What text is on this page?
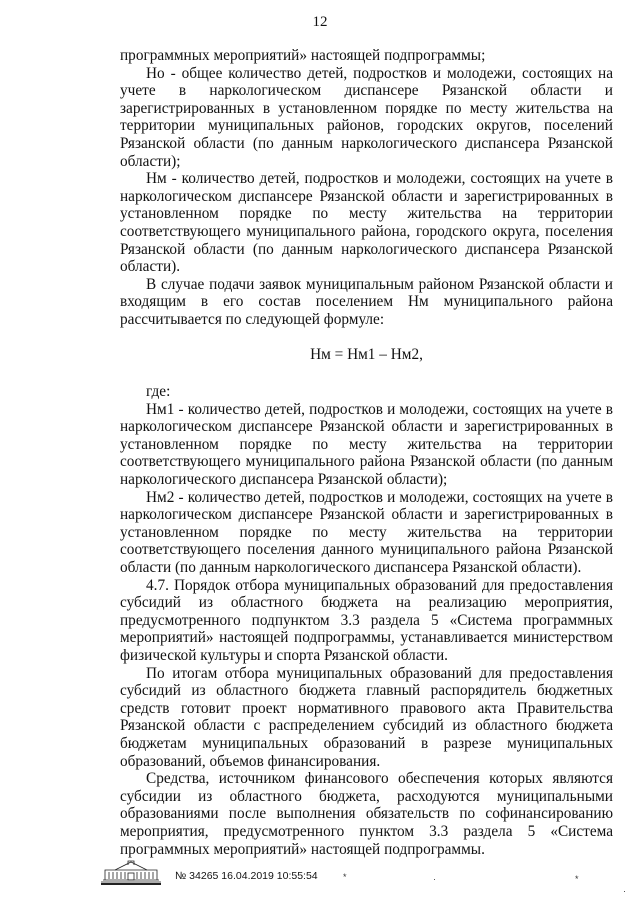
12

программных мероприятий» настоящей подпрограммы;

Но - общее количество детей, подростков и молодежи, состоящих на учете в наркологическом диспансере Рязанской области и зарегистрированных в установленном порядке по месту жительства на территории муниципальных районов, городских округов, поселений Рязанской области (по данным наркологического диспансера Рязанской области);

Нм - количество детей, подростков и молодежи, состоящих на учете в наркологическом диспансере Рязанской области и зарегистрированных в установленном порядке по месту жительства на территории соответствующего муниципального района, городского округа, поселения Рязанской области (по данным наркологического диспансера Рязанской области).

В случае подачи заявок муниципальным районом Рязанской области и входящим в его состав поселением Нм муниципального района рассчитывается по следующей формуле:

Нм = Нм1 – Нм2,

где:

Нм1 - количество детей, подростков и молодежи, состоящих на учете в наркологическом диспансере Рязанской области и зарегистрированных в установленном порядке по месту жительства на территории соответствующего муниципального района Рязанской области (по данным наркологического диспансера Рязанской области);

Нм2 - количество детей, подростков и молодежи, состоящих на учете в наркологическом диспансере Рязанской области и зарегистрированных в установленном порядке по месту жительства на территории соответствующего поселения данного муниципального района Рязанской области (по данным наркологического диспансера Рязанской области).

4.7. Порядок отбора муниципальных образований для предоставления субсидий из областного бюджета на реализацию мероприятия, предусмотренного подпунктом 3.3 раздела 5 «Система программных мероприятий» настоящей подпрограммы, устанавливается министерством физической культуры и спорта Рязанской области.

По итогам отбора муниципальных образований для предоставления субсидий из областного бюджета главный распорядитель бюджетных средств готовит проект нормативного правового акта Правительства Рязанской области с распределением субсидий из областного бюджета бюджетам муниципальных образований в разрезе муниципальных образований, объемов финансирования.

Средства, источником финансового обеспечения которых являются субсидии из областного бюджета, расходуются муниципальными образованиями после выполнения обязательств по софинансированию мероприятия, предусмотренного пунктом 3.3 раздела 5 «Система программных мероприятий» настоящей подпрограммы.

№ 34265 16.04.2019 10:55:54	*	·	*
·
